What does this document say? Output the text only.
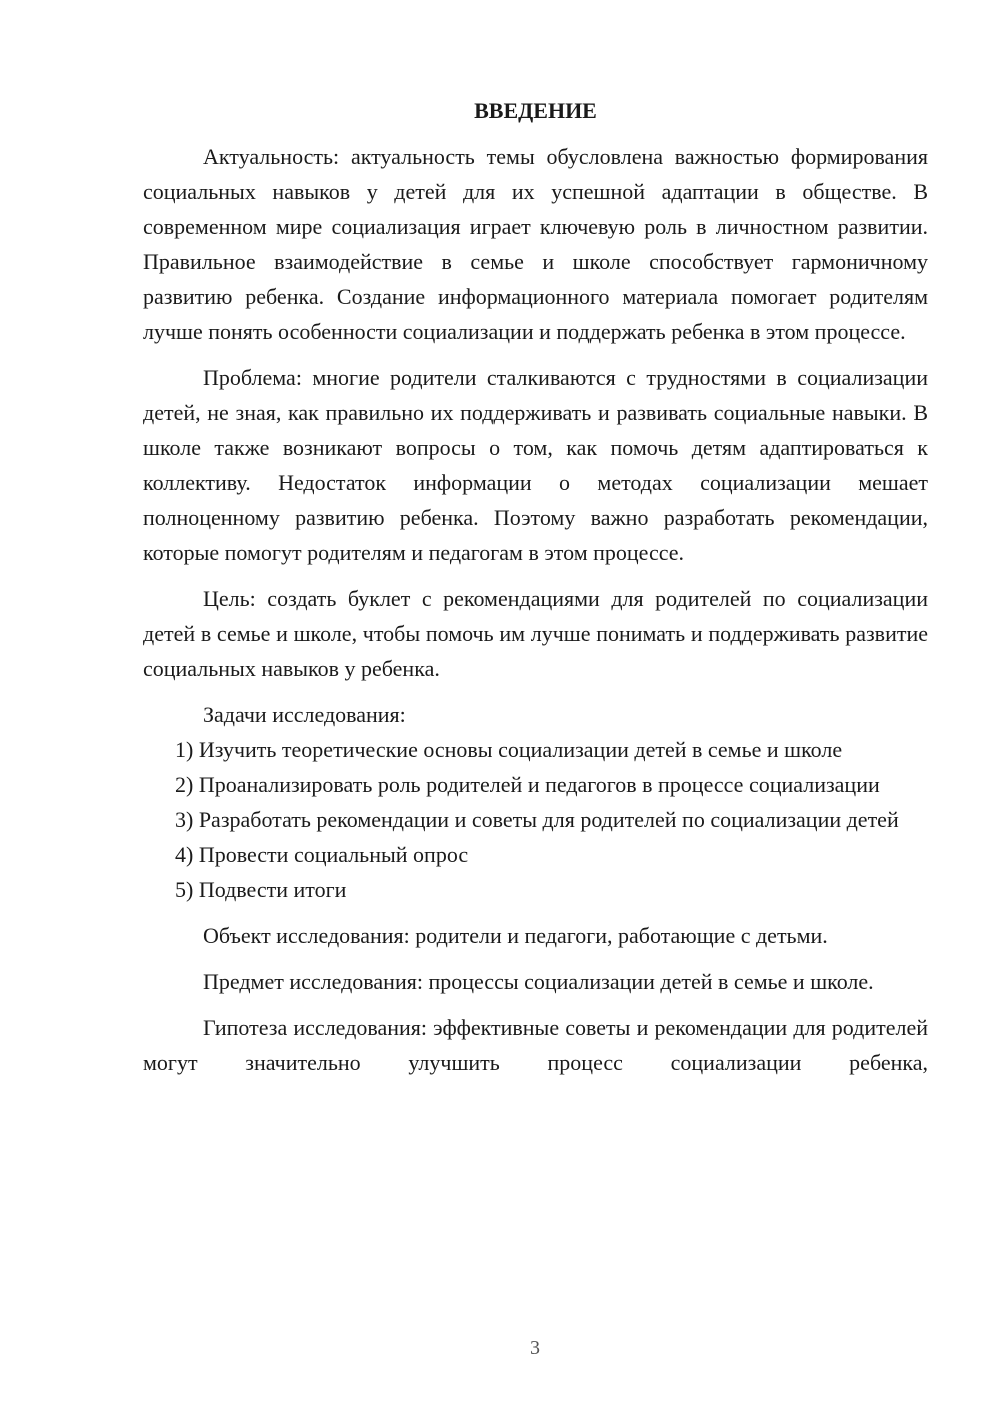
ВВЕДЕНИЕ

Актуальность: актуальность темы обусловлена важностью формирования социальных навыков у детей для их успешной адаптации в обществе. В современном мире социализация играет ключевую роль в личностном развитии. Правильное взаимодействие в семье и школе способствует гармоничному развитию ребенка. Создание информационного материала помогает родителям лучше понять особенности социализации и поддержать ребенка в этом процессе.

Проблема: многие родители сталкиваются с трудностями в социализации детей, не зная, как правильно их поддерживать и развивать социальные навыки. В школе также возникают вопросы о том, как помочь детям адаптироваться к коллективу. Недостаток информации о методах социализации мешает полноценному развитию ребенка. Поэтому важно разработать рекомендации, которые помогут родителям и педагогам в этом процессе.

Цель: создать буклет с рекомендациями для родителей по социализации детей в семье и школе, чтобы помочь им лучше понимать и поддерживать развитие социальных навыков у ребенка.

Задачи исследования:

1) Изучить теоретические основы социализации детей в семье и школе

2) Проанализировать роль родителей и педагогов в процессе социализации

3) Разработать рекомендации и советы для родителей по социализации детей

4) Провести социальный опрос

5) Подвести итоги

Объект исследования: родители и педагоги, работающие с детьми.

Предмет исследования: процессы социализации детей в семье и школе.

Гипотеза исследования: эффективные советы и рекомендации для родителей могут значительно улучшить процесс социализации ребенка,

3
